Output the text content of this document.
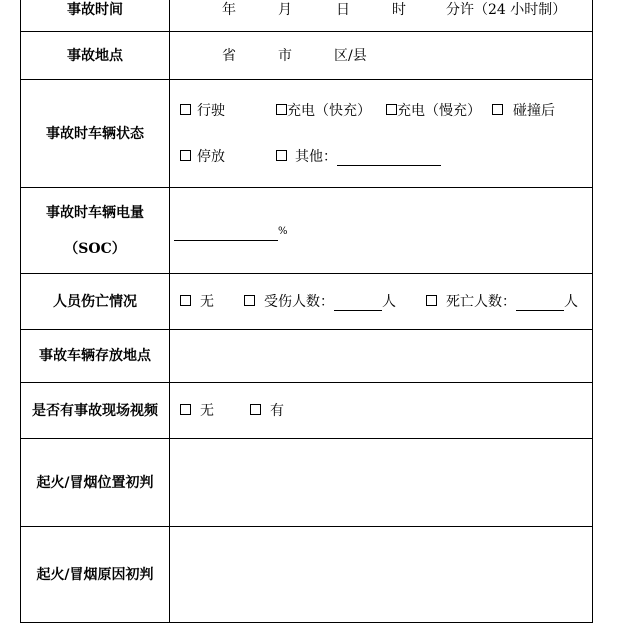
事故时间	年 月 日 时 分许（24 小时制）
事故地点	省 市 区/县
事故时车辆状态	行驶 充电（快充） 充电（慢充） 碰撞后
停放 其他：

事故时车辆电量
（SOC）	%
人员伤亡情况	无 受伤人数： 人 死亡人数： 人
事故车辆存放地点	
是否有事故现场视频	无 有
起火/冒烟位置初判	
起火/冒烟原因初判	
